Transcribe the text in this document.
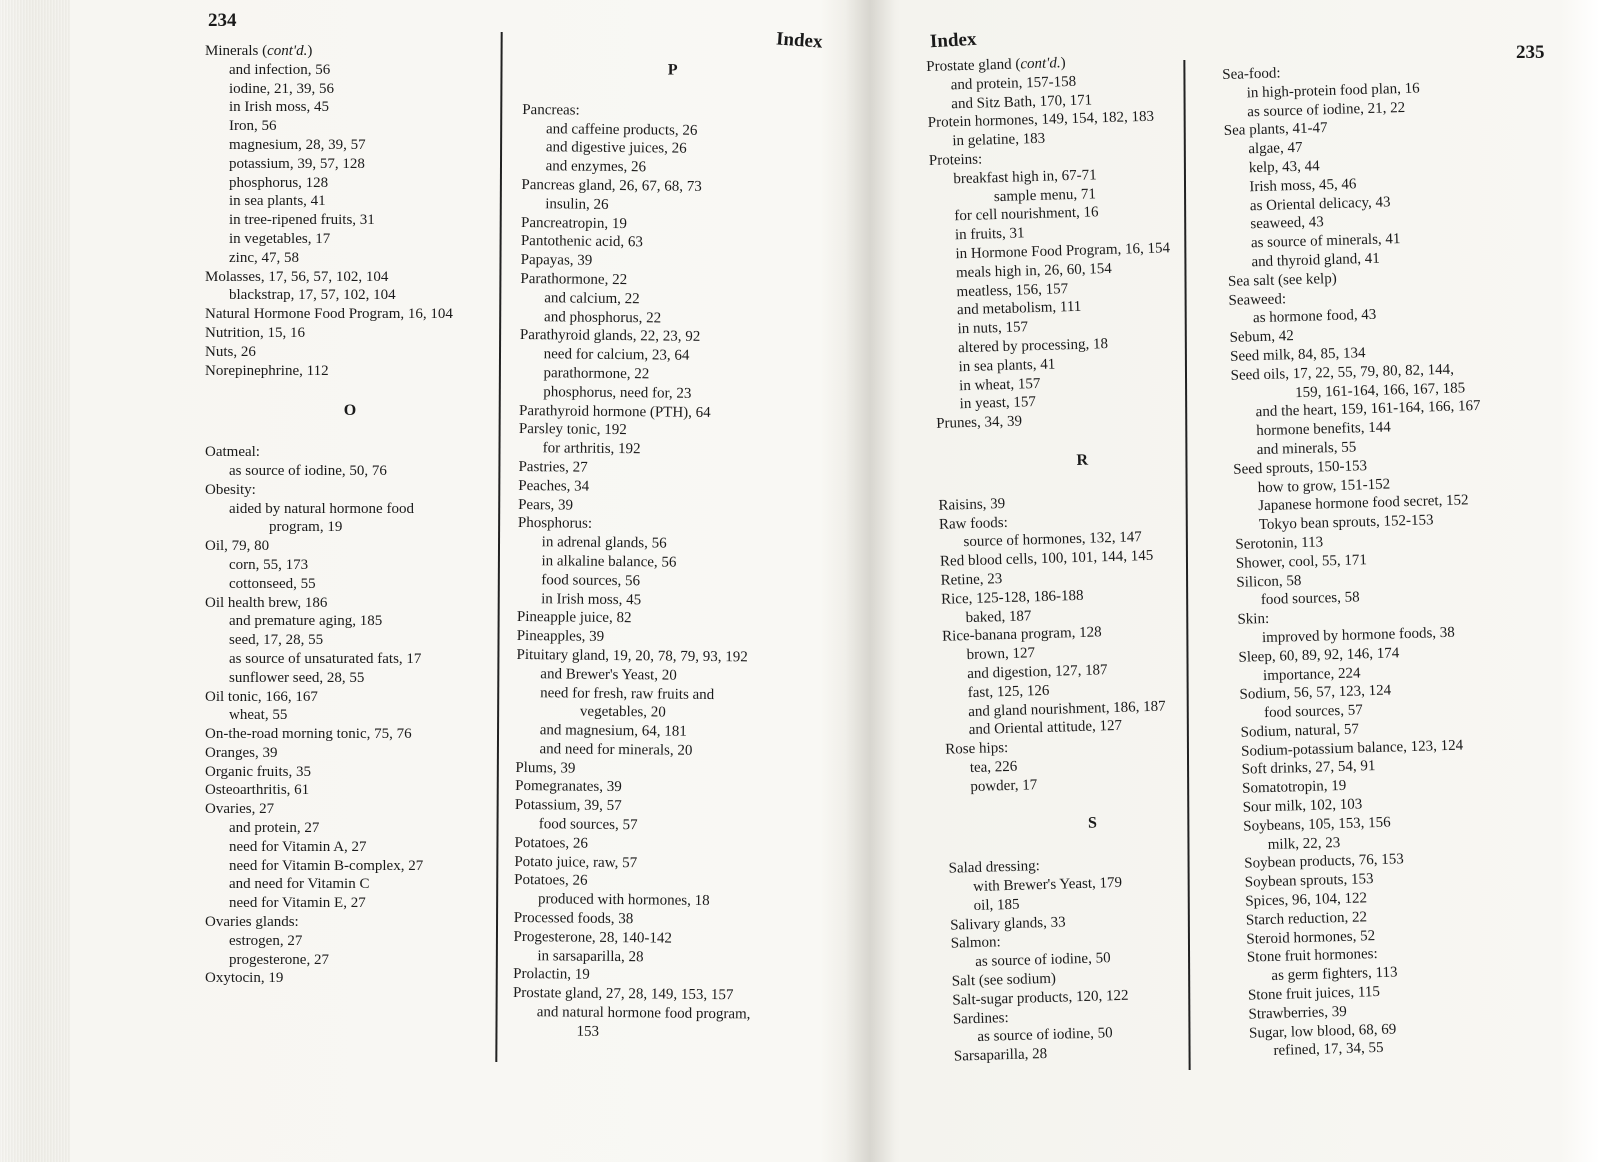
234
Index
Minerals (cont'd.)
and infection, 56
iodine, 21, 39, 56
in Irish moss, 45
Iron, 56
magnesium, 28, 39, 57
potassium, 39, 57, 128
phosphorus, 128
in sea plants, 41
in tree-ripened fruits, 31
in vegetables, 17
zinc, 47, 58
Molasses, 17, 56, 57, 102, 104
blackstrap, 17, 57, 102, 104
Natural Hormone Food Program, 16, 104
Nutrition, 15, 16
Nuts, 26
Norepinephrine, 112
O
Oatmeal:
as source of iodine, 50, 76
Obesity:
aided by natural hormone food
program, 19
Oil, 79, 80
corn, 55, 173
cottonseed, 55
Oil health brew, 186
and premature aging, 185
seed, 17, 28, 55
as source of unsaturated fats, 17
sunflower seed, 28, 55
Oil tonic, 166, 167
wheat, 55
On-the-road morning tonic, 75, 76
Oranges, 39
Organic fruits, 35
Osteoarthritis, 61
Ovaries, 27
and protein, 27
need for Vitamin A, 27
need for Vitamin B-complex, 27
and need for Vitamin C
need for Vitamin E, 27
Ovaries glands:
estrogen, 27
progesterone, 27
Oxytocin, 19
P
Pancreas:
and caffeine products, 26
and digestive juices, 26
and enzymes, 26
Pancreas gland, 26, 67, 68, 73
insulin, 26
Pancreatropin, 19
Pantothenic acid, 63
Papayas, 39
Parathormone, 22
and calcium, 22
and phosphorus, 22
Parathyroid glands, 22, 23, 92
need for calcium, 23, 64
parathormone, 22
phosphorus, need for, 23
Parathyroid hormone (PTH), 64
Parsley tonic, 192
for arthritis, 192
Pastries, 27
Peaches, 34
Pears, 39
Phosphorus:
in adrenal glands, 56
in alkaline balance, 56
food sources, 56
in Irish moss, 45
Pineapple juice, 82
Pineapples, 39
Pituitary gland, 19, 20, 78, 79, 93, 192
and Brewer's Yeast, 20
need for fresh, raw fruits and
vegetables, 20
and magnesium, 64, 181
and need for minerals, 20
Plums, 39
Pomegranates, 39
Potassium, 39, 57
food sources, 57
Potatoes, 26
Potato juice, raw, 57
Potatoes, 26
produced with hormones, 18
Processed foods, 38
Progesterone, 28, 140-142
in sarsaparilla, 28
Prolactin, 19
Prostate gland, 27, 28, 149, 153, 157
and natural hormone food program,
153
Index
235
Prostate gland (cont'd.)
and protein, 157-158
and Sitz Bath, 170, 171
Protein hormones, 149, 154, 182, 183
in gelatine, 183
Proteins:
breakfast high in, 67-71
sample menu, 71
for cell nourishment, 16
in fruits, 31
in Hormone Food Program, 16, 154
meals high in, 26, 60, 154
meatless, 156, 157
and metabolism, 111
in nuts, 157
altered by processing, 18
in sea plants, 41
in wheat, 157
in yeast, 157
Prunes, 34, 39
R
Raisins, 39
Raw foods:
source of hormones, 132, 147
Red blood cells, 100, 101, 144, 145
Retine, 23
Rice, 125-128, 186-188
baked, 187
Rice-banana program, 128
brown, 127
and digestion, 127, 187
fast, 125, 126
and gland nourishment, 186, 187
and Oriental attitude, 127
Rose hips:
tea, 226
powder, 17
S
Salad dressing:
with Brewer's Yeast, 179
oil, 185
Salivary glands, 33
Salmon:
as source of iodine, 50
Salt (see sodium)
Salt-sugar products, 120, 122
Sardines:
as source of iodine, 50
Sarsaparilla, 28
Sea-food:
in high-protein food plan, 16
as source of iodine, 21, 22
Sea plants, 41-47
algae, 47
kelp, 43, 44
Irish moss, 45, 46
as Oriental delicacy, 43
seaweed, 43
as source of minerals, 41
and thyroid gland, 41
Sea salt (see kelp)
Seaweed:
as hormone food, 43
Sebum, 42
Seed milk, 84, 85, 134
Seed oils, 17, 22, 55, 79, 80, 82, 144,
159, 161-164, 166, 167, 185
and the heart, 159, 161-164, 166, 167
hormone benefits, 144
and minerals, 55
Seed sprouts, 150-153
how to grow, 151-152
Japanese hormone food secret, 152
Tokyo bean sprouts, 152-153
Serotonin, 113
Shower, cool, 55, 171
Silicon, 58
food sources, 58
Skin:
improved by hormone foods, 38
Sleep, 60, 89, 92, 146, 174
importance, 224
Sodium, 56, 57, 123, 124
food sources, 57
Sodium, natural, 57
Sodium-potassium balance, 123, 124
Soft drinks, 27, 54, 91
Somatotropin, 19
Sour milk, 102, 103
Soybeans, 105, 153, 156
milk, 22, 23
Soybean products, 76, 153
Soybean sprouts, 153
Spices, 96, 104, 122
Starch reduction, 22
Steroid hormones, 52
Stone fruit hormones:
as germ fighters, 113
Stone fruit juices, 115
Strawberries, 39
Sugar, low blood, 68, 69
refined, 17, 34, 55
